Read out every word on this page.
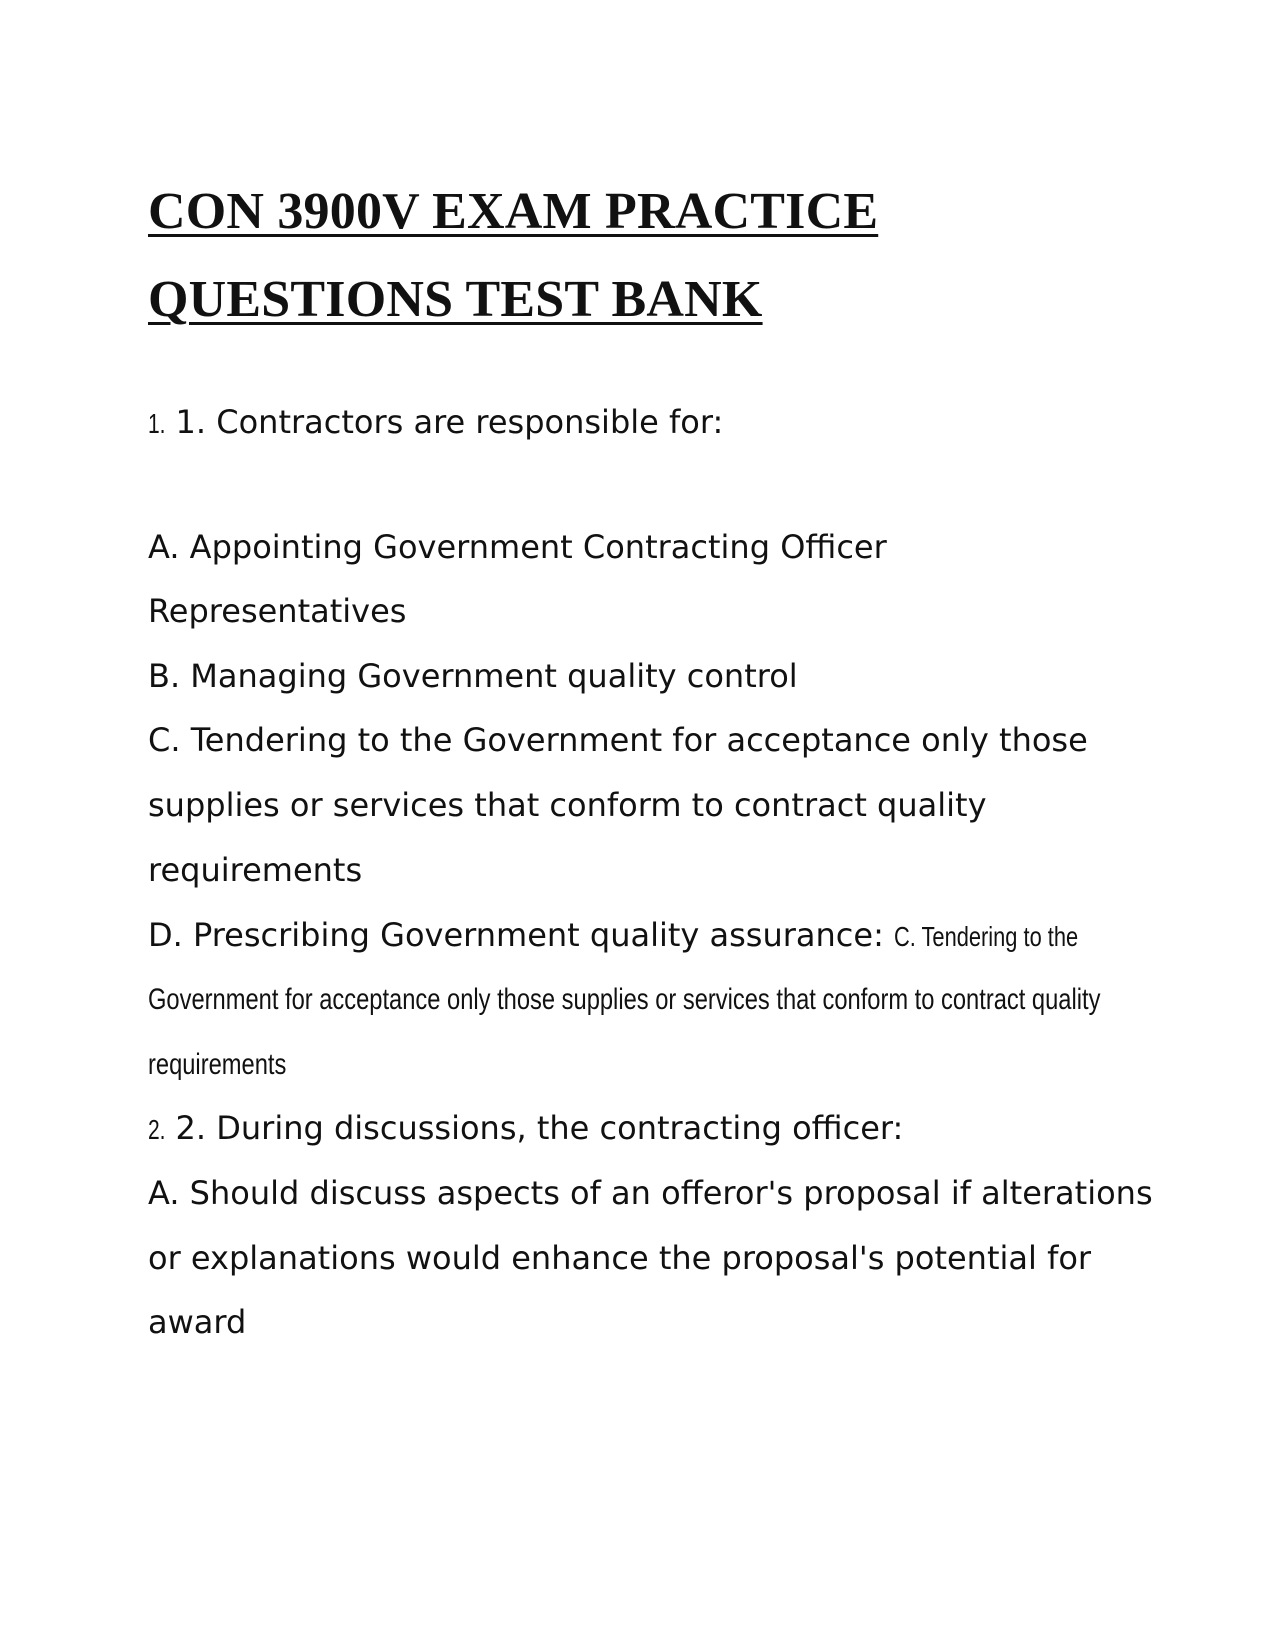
CON 3900V EXAM PRACTICE
QUESTIONS TEST BANK

1. 1. Contractors are responsible for:

A. Appointing Government Contracting Officer

Representatives

B. Managing Government quality control

C. Tendering to the Government for acceptance only those

supplies or services that conform to contract quality

requirements

D. Prescribing Government quality assurance: C. Tendering to the

Government for acceptance only those supplies or services that conform to contract quality

requirements

2. 2. During discussions, the contracting officer:

A. Should discuss aspects of an offeror's proposal if alterations

or explanations would enhance the proposal's potential for

award
